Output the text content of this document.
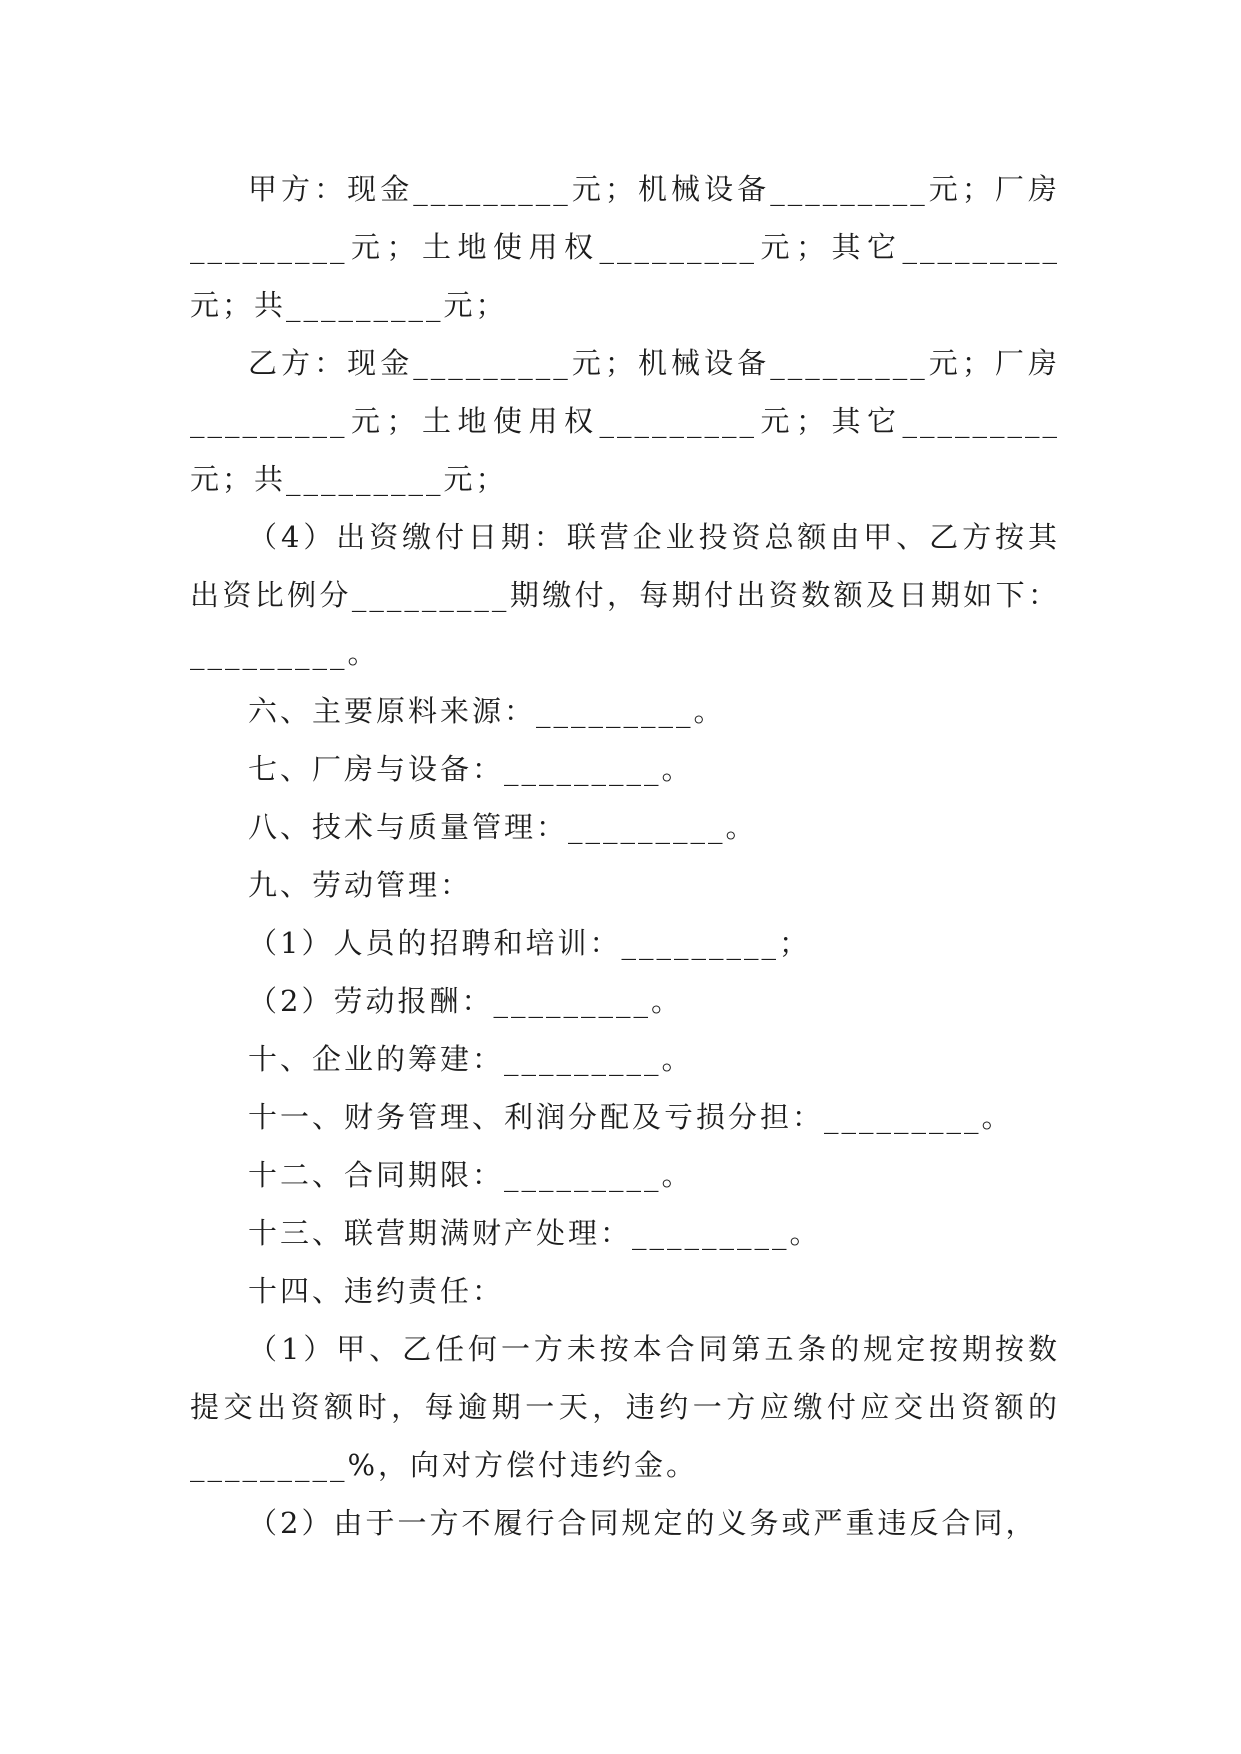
甲方：现金_________元；机械设备_________元；厂房_________元；土地使用权_________元；其它_________元；共_________元；

乙方：现金_________元；机械设备_________元；厂房_________元；土地使用权_________元；其它_________元；共_________元；

（4）出资缴付日期：联营企业投资总额由甲、乙方按其出资比例分_________期缴付，每期付出资数额及日期如下：_________。

六、主要原料来源：_________。

七、厂房与设备：_________。

八、技术与质量管理：_________。

九、劳动管理：

（1）人员的招聘和培训：_________；

（2）劳动报酬：_________。

十、企业的筹建：_________。

十一、财务管理、利润分配及亏损分担：_________。

十二、合同期限：_________。

十三、联营期满财产处理：_________。

十四、违约责任：

（1）甲、乙任何一方未按本合同第五条的规定按期按数提交出资额时，每逾期一天，违约一方应缴付应交出资额的_________%，向对方偿付违约金。

（2）由于一方不履行合同规定的义务或严重违反合同，
